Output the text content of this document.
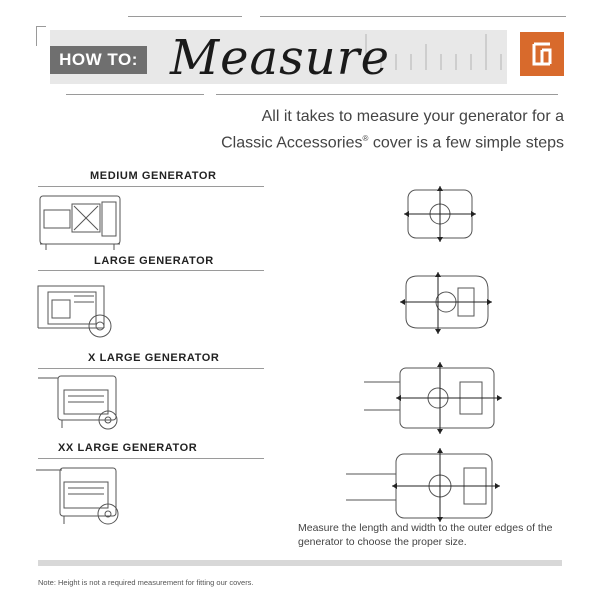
HOW TO: Measure
All it takes to measure your generator for a
Classic Accessories® cover is a few simple steps
MEDIUM GENERATOR
LARGE GENERATOR
X LARGE GENERATOR
XX LARGE GENERATOR
Measure the length and width to the outer edges of the generator to choose the proper size.
Note: Height is not a required measurement for fitting our covers.
